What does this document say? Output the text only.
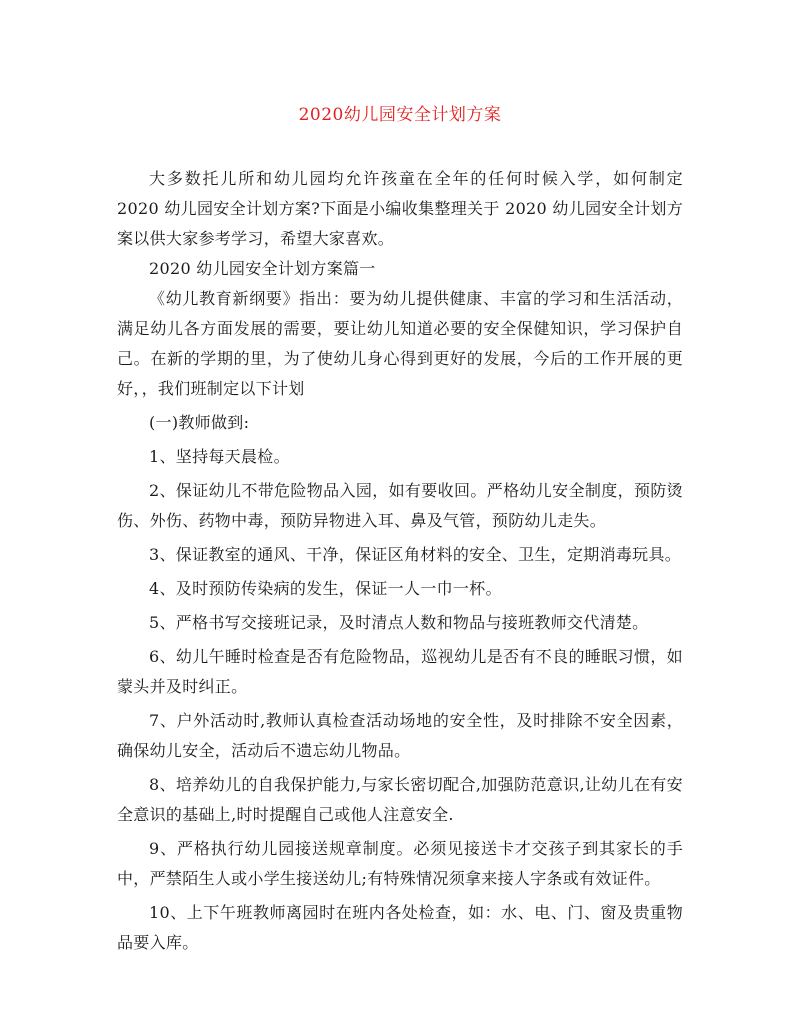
2020幼儿园安全计划方案

大多数托儿所和幼儿园均允许孩童在全年的任何时候入学，如何制定 2020 幼儿园安全计划方案?下面是小编收集整理关于 2020 幼儿园安全计划方案以供大家参考学习，希望大家喜欢。

2020 幼儿园安全计划方案篇一

《幼儿教育新纲要》指出：要为幼儿提供健康、丰富的学习和生活活动，满足幼儿各方面发展的需要，要让幼儿知道必要的安全保健知识，学习保护自己。在新的学期的里，为了使幼儿身心得到更好的发展，今后的工作开展的更好，，我们班制定以下计划

(一)教师做到:

1、坚持每天晨检。

2、保证幼儿不带危险物品入园，如有要收回。严格幼儿安全制度，预防烫伤、外伤、药物中毒，预防异物进入耳、鼻及气管，预防幼儿走失。

3、保证教室的通风、干净，保证区角材料的安全、卫生，定期消毒玩具。

4、及时预防传染病的发生，保证一人一巾一杯。

5、严格书写交接班记录，及时清点人数和物品与接班教师交代清楚。

6、幼儿午睡时检查是否有危险物品，巡视幼儿是否有不良的睡眠习惯，如蒙头并及时纠正。

7、户外活动时,教师认真检查活动场地的安全性，及时排除不安全因素，确保幼儿安全，活动后不遗忘幼儿物品。

8、培养幼儿的自我保护能力,与家长密切配合,加强防范意识,让幼儿在有安全意识的基础上,时时提醒自己或他人注意安全.

9、严格执行幼儿园接送规章制度。必须见接送卡才交孩子到其家长的手中，严禁陌生人或小学生接送幼儿;有特殊情况须拿来接人字条或有效证件。

10、上下午班教师离园时在班内各处检查，如：水、电、门、窗及贵重物品要入库。
